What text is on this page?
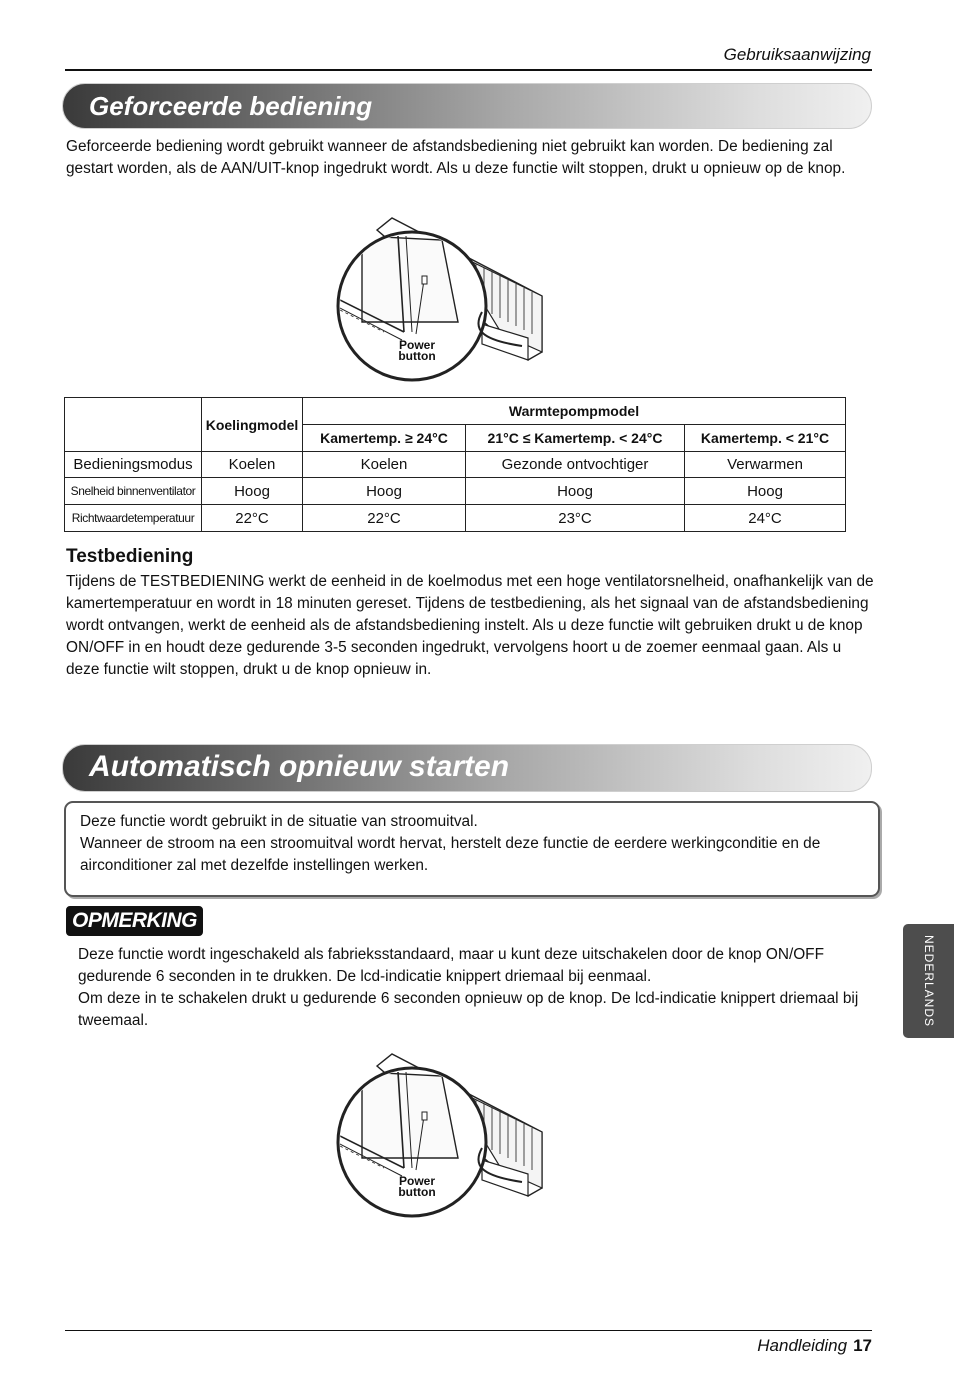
Gebruiksaanwijzing
Geforceerde bediening
Geforceerde bediening wordt gebruikt wanneer de afstandsbediening niet gebruikt kan worden. De bediening zal gestart worden, als de AAN/UIT-knop ingedrukt wordt. Als u deze functie wilt stoppen, drukt u opnieuw op de knop.
Power
button
	Koelingmodel	Warmtepompmodel		
		Kamertemp. ≥ 24°C	21°C ≤ Kamertemp. < 24°C	Kamertemp. < 21°C
Bedieningsmodus	Koelen	Koelen	Gezonde ontvochtiger	Verwarmen
Snelheid binnenventilator	Hoog	Hoog	Hoog	Hoog
Richtwaardetemperatuur	22°C	22°C	23°C	24°C
Testbediening
Tijdens de TESTBEDIENING werkt de eenheid in de koelmodus met een hoge ventilatorsnelheid, onafhankelijk van de kamertemperatuur en wordt in 18 minuten gereset. Tijdens de testbediening, als het signaal van de afstandsbediening wordt ontvangen, werkt de eenheid als de afstandsbediening instelt. Als u deze functie wilt gebruiken drukt u de knop ON/OFF in en houdt deze gedurende 3-5 seconden ingedrukt, vervolgens hoort u de zoemer eenmaal gaan. Als u deze functie wilt stoppen, drukt u de knop opnieuw in.
Automatisch opnieuw starten
Deze functie wordt gebruikt in de situatie van stroomuitval.
Wanneer de stroom na een stroomuitval wordt hervat, herstelt deze functie de eerdere werkingconditie en de airconditioner zal met dezelfde instellingen werken.
OPMERKING
Deze functie wordt ingeschakeld als fabrieksstandaard, maar u kunt deze uitschakelen door de knop ON/OFF gedurende 6 seconden in te drukken. De lcd-indicatie knippert driemaal bij eenmaal.
Om deze in te schakelen drukt u gedurende 6 seconden opnieuw op de knop. De lcd-indicatie knippert driemaal bij tweemaal.
Power
button
NEDERLANDS
Handleiding 17
